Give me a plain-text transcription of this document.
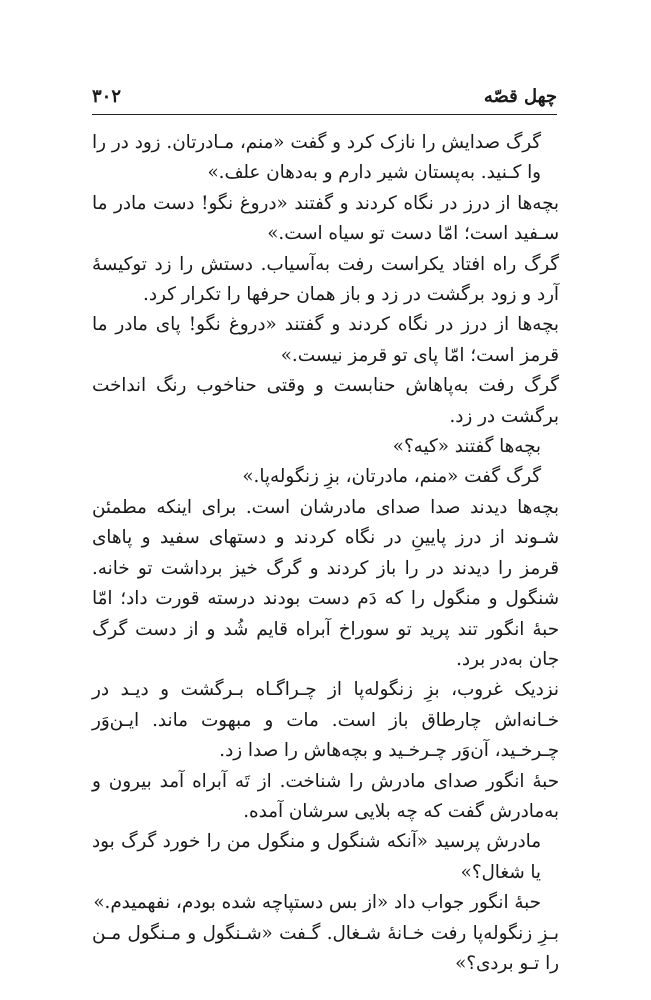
چهل قصّه
۳۰۲

گرگ صدایش را نازک کرد و گفت «منم، مـادرتان. زود در را وا کـنید. به‌پستان شیر دارم و به‌دهان علف.»

بچه‌ها از درز در نگاه کردند و گفتند «دروغ نگو! دست مادر ما سـفید است؛ امّا دست تو سیاه است.»

گرگ راه افتاد یکراست رفت به‌آسیاب. دستش را زد توکیسهٔ آرد و زود برگشت در زد و باز همان حرفها را تکرار کرد.

بچه‌ها از درز در نگاه کردند و گفتند «دروغ نگو! پای مادر ما قرمز است؛ امّا پای تو قرمز نیست.»

گرگ رفت به‌پاهاش حنابست و وقتی حناخوب رنگ انداخت برگشت در زد.

بچه‌ها گفتند «کیه؟»

گرگ گفت «منم، مادرتان، بزِ زنگوله‌پا.»

بچه‌ها دیدند صدا صدای مادرشان است. برای اینکه مطمئن شـوند از درز پایینِ در نگاه کردند و دستهای سفید و پاهای قرمز را دیدند در را باز کردند و گرگ خیز برداشت تو خانه. شنگول و منگول را که دَم دست بودند درسته قورت داد؛ امّا حبهٔ انگور تند پرید تو سوراخ آبراه قایم شُد و از دست گرگ جان به‌در برد.

نزدیک غروب، بزِ زنگوله‌پا از چـراگـاه بـرگشت و دیـد در خـانه‌اش چارطاق باز است. مات و مبهوت ماند. ایـن‌وَر چـرخـید، آن‌وَر چـرخـید و بچه‌هاش را صدا زد.

حبهٔ انگور صدای مادرش را شناخت. از تَه آبراه آمد بیرون و به‌مادرش گفت که چه بلایی سرشان آمده.

مادرش پرسید «آنکه شنگول و منگول من را خورد گرگ بود یا شغال؟»

حبهٔ انگور جواب داد «از بس دستپاچه شده بودم، نفهمیدم.»

بـزِ زنگوله‌پا رفت خـانهٔ شـغال. گـفت «شـنگول و مـنگول مـن را تـو بردی؟»
